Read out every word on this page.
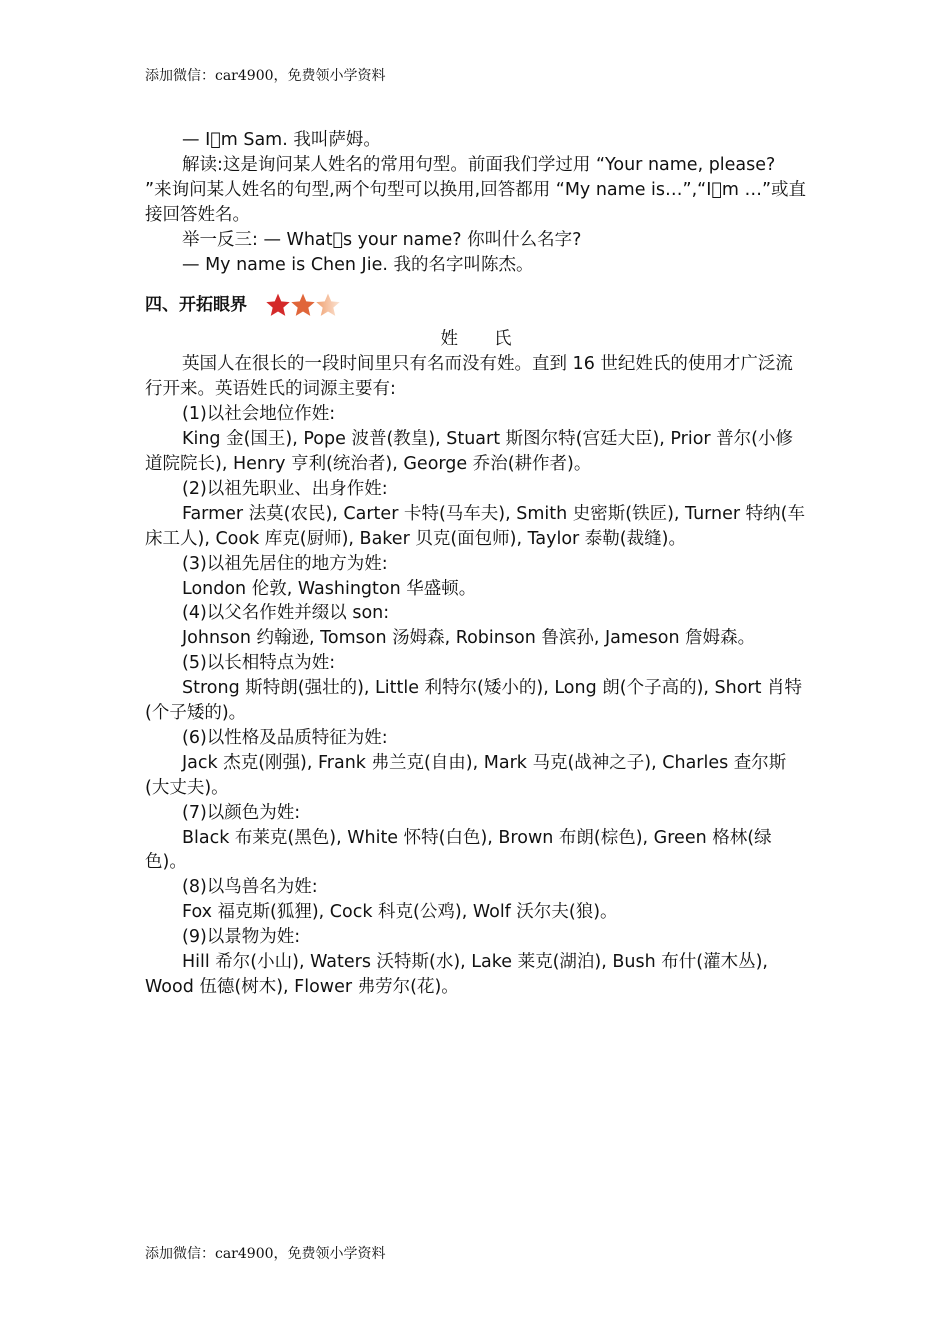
添加微信：car4900，免费领小学资料

— I m Sam. 我叫萨姆。

解读:这是询问某人姓名的常用句型。前面我们学过用 “Your name, please? ”来询问某人姓名的句型,两个句型可以换用,回答都用 “My name is…”,“I m …”或直接回答姓名。

举一反三: — What s your name? 你叫什么名字?

— My name is Chen Jie. 我的名字叫陈杰。

四、开拓眼界

姓 氏

英国人在很长的一段时间里只有名而没有姓。直到 16 世纪姓氏的使用才广泛流行开来。英语姓氏的词源主要有:

(1)以社会地位作姓:

King 金(国王), Pope 波普(教皇), Stuart 斯图尔特(宫廷大臣), Prior 普尔(小修道院院长), Henry 亨利(统治者), George 乔治(耕作者)。

(2)以祖先职业、出身作姓:

Farmer 法莫(农民), Carter 卡特(马车夫), Smith 史密斯(铁匠), Turner 特纳(车床工人), Cook 库克(厨师), Baker 贝克(面包师), Taylor 泰勒(裁缝)。

(3)以祖先居住的地方为姓:

London 伦敦, Washington 华盛顿。

(4)以父名作姓并缀以 son:

Johnson 约翰逊, Tomson 汤姆森, Robinson 鲁滨孙, Jameson 詹姆森。

(5)以长相特点为姓:

Strong 斯特朗(强壮的), Little 利特尔(矮小的), Long 朗(个子高的), Short 肖特(个子矮的)。

(6)以性格及品质特征为姓:

Jack 杰克(刚强), Frank 弗兰克(自由), Mark 马克(战神之子), Charles 查尔斯(大丈夫)。

(7)以颜色为姓:

Black 布莱克(黑色), White 怀特(白色), Brown 布朗(棕色), Green 格林(绿色)。

(8)以鸟兽名为姓:

Fox 福克斯(狐狸), Cock 科克(公鸡), Wolf 沃尔夫(狼)。

(9)以景物为姓:

Hill 希尔(小山), Waters 沃特斯(水), Lake 莱克(湖泊), Bush 布什(灌木丛), Wood 伍德(树木), Flower 弗劳尔(花)。

添加微信：car4900，免费领小学资料
